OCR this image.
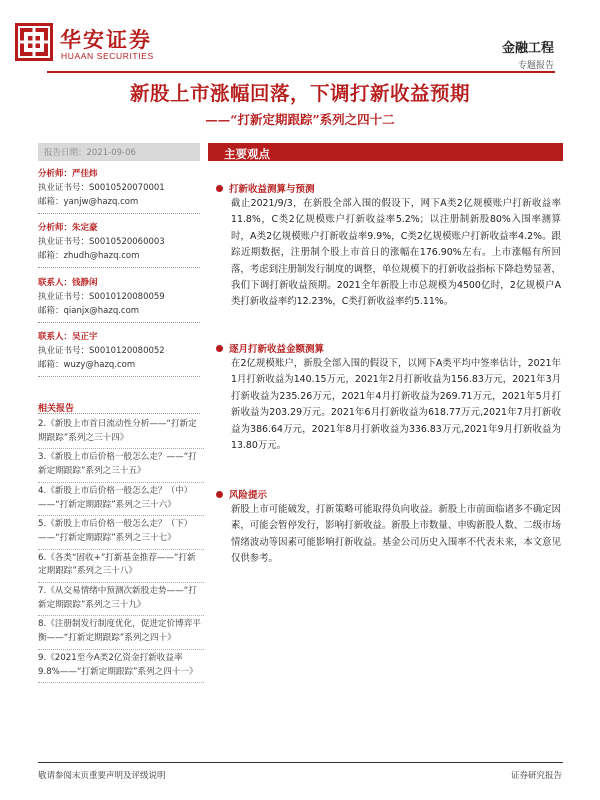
华安证券
HUAAN SECURITIES	金融工程
专题报告
新股上市涨幅回落，下调打新收益预期
——“打新定期跟踪”系列之四十二
报告日期：2021-09-06
分析师：严佳炜
执业证书号：S0010520070001
邮箱：yanjw@hazq.com
分析师：朱定豪
执业证书号：S0010520060003
邮箱：zhudh@hazq.com
联系人：钱静闲
执业证书号：S0010120080059
邮箱：qianjx@hazq.com
联系人：吴正宇
执业证书号：S0010120080052
邮箱：wuzy@hazq.com
相关报告
2.《新股上市首日流动性分析——“打新定期跟踪”系列之三十四》
3.《新股上市后价格一般怎么走？——“打新定期跟踪”系列之三十五》
4.《新股上市后价格一般怎么走？（中）——“打新定期跟踪”系列之三十六》
5.《新股上市后价格一般怎么走？（下）——“打新定期跟踪”系列之三十七》
6.《各类“固收+”打新基金推荐——“打新定期跟踪”系列之三十八》
7.《从交易情绪中预测次新股走势——“打新定期跟踪”系列之三十九》
8.《注册制发行制度优化，促进定价博弈平衡——“打新定期跟踪”系列之四十》
9.《2021至今A类2亿资金打新收益率9.8%——“打新定期跟踪”系列之四十一》
主要观点
打新收益测算与预测
截止2021/9/3，在新股全部入围的假设下，网下A类2亿规模账户打新收益率11.8%，C类2亿规模账户打新收益率5.2%；以注册制新股80%入围率测算时，A类2亿规模账户打新收益率9.9%，C类2亿规模账户打新收益率4.2%。跟踪近期数据，注册制个股上市首日的涨幅在176.90%左右。上市涨幅有所回落，考虑到注册制发行制度的调整，单位规模下的打新收益指标下降趋势显著，我们下调打新收益预期。2021全年新股上市总规模为4500亿时，2亿规模户A类打新收益率约12.23%，C类打新收益率约5.11%。
逐月打新收益金额测算
在2亿规模账户，新股全部入围的假设下，以网下A类平均中签率估计，2021年1月打新收益为140.15万元，2021年2月打新收益为156.83万元，2021年3月打新收益为235.26万元，2021年4月打新收益为269.71万元，2021年5月打新收益为203.29万元。2021年6月打新收益为618.77万元,2021年7月打新收益为386.64万元，2021年8月打新收益为336.83万元,2021年9月打新收益为13.80万元。
风险提示
新股上市可能破发，打新策略可能取得负向收益。新股上市前面临诸多不确定因素，可能会暂停发行，影响打新收益。新股上市数量、申购新股人数、二级市场情绪波动等因素可能影响打新收益。基金公司历史入围率不代表未来，本文意见仅供参考。
敬请参阅末页重要声明及评级说明	证券研究报告
